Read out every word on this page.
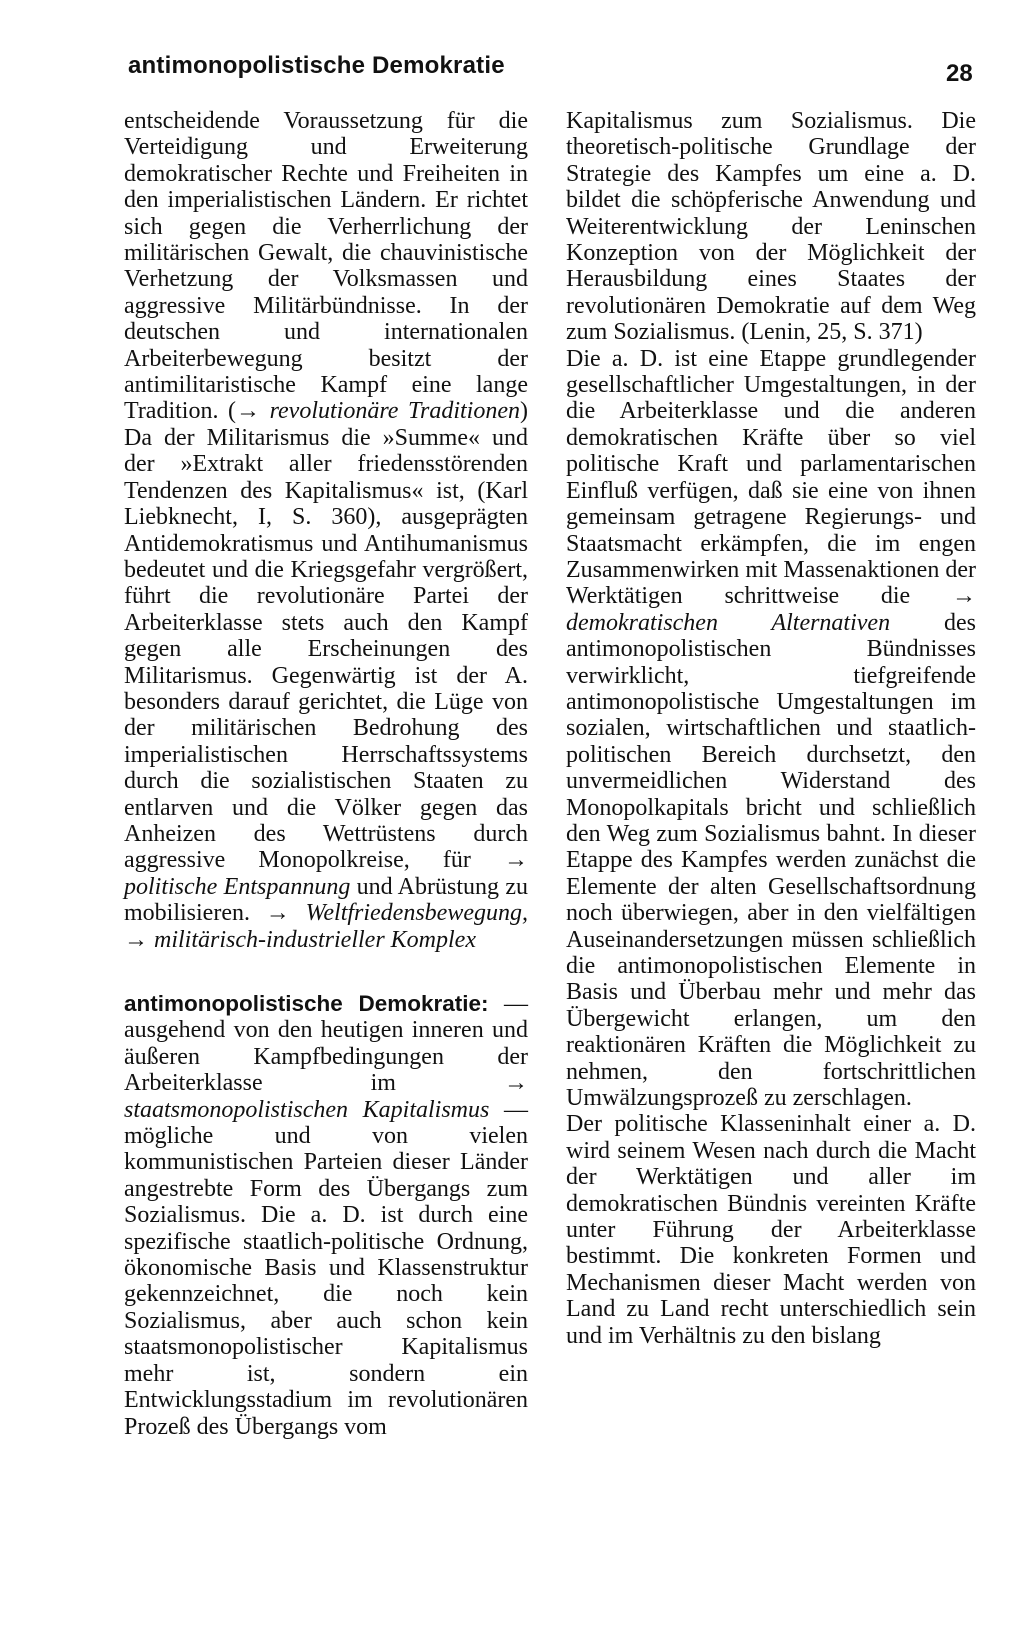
antimonopolistische Demokratie	28

entscheidende Voraussetzung für die Verteidigung und Erweiterung demokratischer Rechte und Freiheiten in den imperialistischen Ländern. Er richtet sich gegen die Verherrlichung der militärischen Gewalt, die chauvinistische Verhetzung der Volksmassen und aggressive Militärbündnisse. In der deutschen und internationalen Arbeiterbewegung besitzt der antimilitaristische Kampf eine lange Tradition. (→ revolutionäre Traditionen) Da der Militarismus die »Summe« und der »Extrakt aller friedensstörenden Tendenzen des Kapitalismus« ist, (Karl Liebknecht, I, S. 360), ausgeprägten Antidemokratismus und Antihumanismus bedeutet und die Kriegsgefahr vergrößert, führt die revolutionäre Partei der Arbeiterklasse stets auch den Kampf gegen alle Erscheinungen des Militarismus. Gegenwärtig ist der A. besonders darauf gerichtet, die Lüge von der militärischen Bedrohung des imperialistischen Herrschaftssystems durch die sozialistischen Staaten zu entlarven und die Völker gegen das Anheizen des Wettrüstens durch aggressive Monopolkreise, für → politische Entspannung und Abrüstung zu mobilisieren. → Weltfriedensbewegung, → militärisch-industrieller Komplex

antimonopolistische Demokratie: — ausgehend von den heutigen inneren und äußeren Kampfbedingungen der Arbeiterklasse im → staatsmonopolistischen Kapitalismus — mögliche und von vielen kommunistischen Parteien dieser Länder angestrebte Form des Übergangs zum Sozialismus. Die a. D. ist durch eine spezifische staatlich-politische Ordnung, ökonomische Basis und Klassenstruktur gekennzeichnet, die noch kein Sozialismus, aber auch schon kein staatsmonopolistischer Kapitalismus mehr ist, sondern ein Entwicklungsstadium im revolutionären Prozeß des Übergangs vom

Kapitalismus zum Sozialismus. Die theoretisch-politische Grundlage der Strategie des Kampfes um eine a. D. bildet die schöpferische Anwendung und Weiterentwicklung der Leninschen Konzeption von der Möglichkeit der Herausbildung eines Staates der revolutionären Demokratie auf dem Weg zum Sozialismus. (Lenin, 25, S. 371)

Die a. D. ist eine Etappe grundlegender gesellschaftlicher Umgestaltungen, in der die Arbeiterklasse und die anderen demokratischen Kräfte über so viel politische Kraft und parlamentarischen Einfluß verfügen, daß sie eine von ihnen gemeinsam getragene Regierungs- und Staatsmacht erkämpfen, die im engen Zusammenwirken mit Massenaktionen der Werktätigen schrittweise die → demokratischen Alternativen des antimonopolistischen Bündnisses verwirklicht, tiefgreifende antimonopolistische Umgestaltungen im sozialen, wirtschaftlichen und staatlich-politischen Bereich durchsetzt, den unvermeidlichen Widerstand des Monopolkapitals bricht und schließlich den Weg zum Sozialismus bahnt. In dieser Etappe des Kampfes werden zunächst die Elemente der alten Gesellschaftsordnung noch überwiegen, aber in den vielfältigen Auseinandersetzungen müssen schließlich die antimonopolistischen Elemente in Basis und Überbau mehr und mehr das Übergewicht erlangen, um den reaktionären Kräften die Möglichkeit zu nehmen, den fortschrittlichen Umwälzungsprozeß zu zerschlagen.

Der politische Klasseninhalt einer a. D. wird seinem Wesen nach durch die Macht der Werktätigen und aller im demokratischen Bündnis vereinten Kräfte unter Führung der Arbeiterklasse bestimmt. Die konkreten Formen und Mechanismen dieser Macht werden von Land zu Land recht unterschiedlich sein und im Verhältnis zu den bislang
